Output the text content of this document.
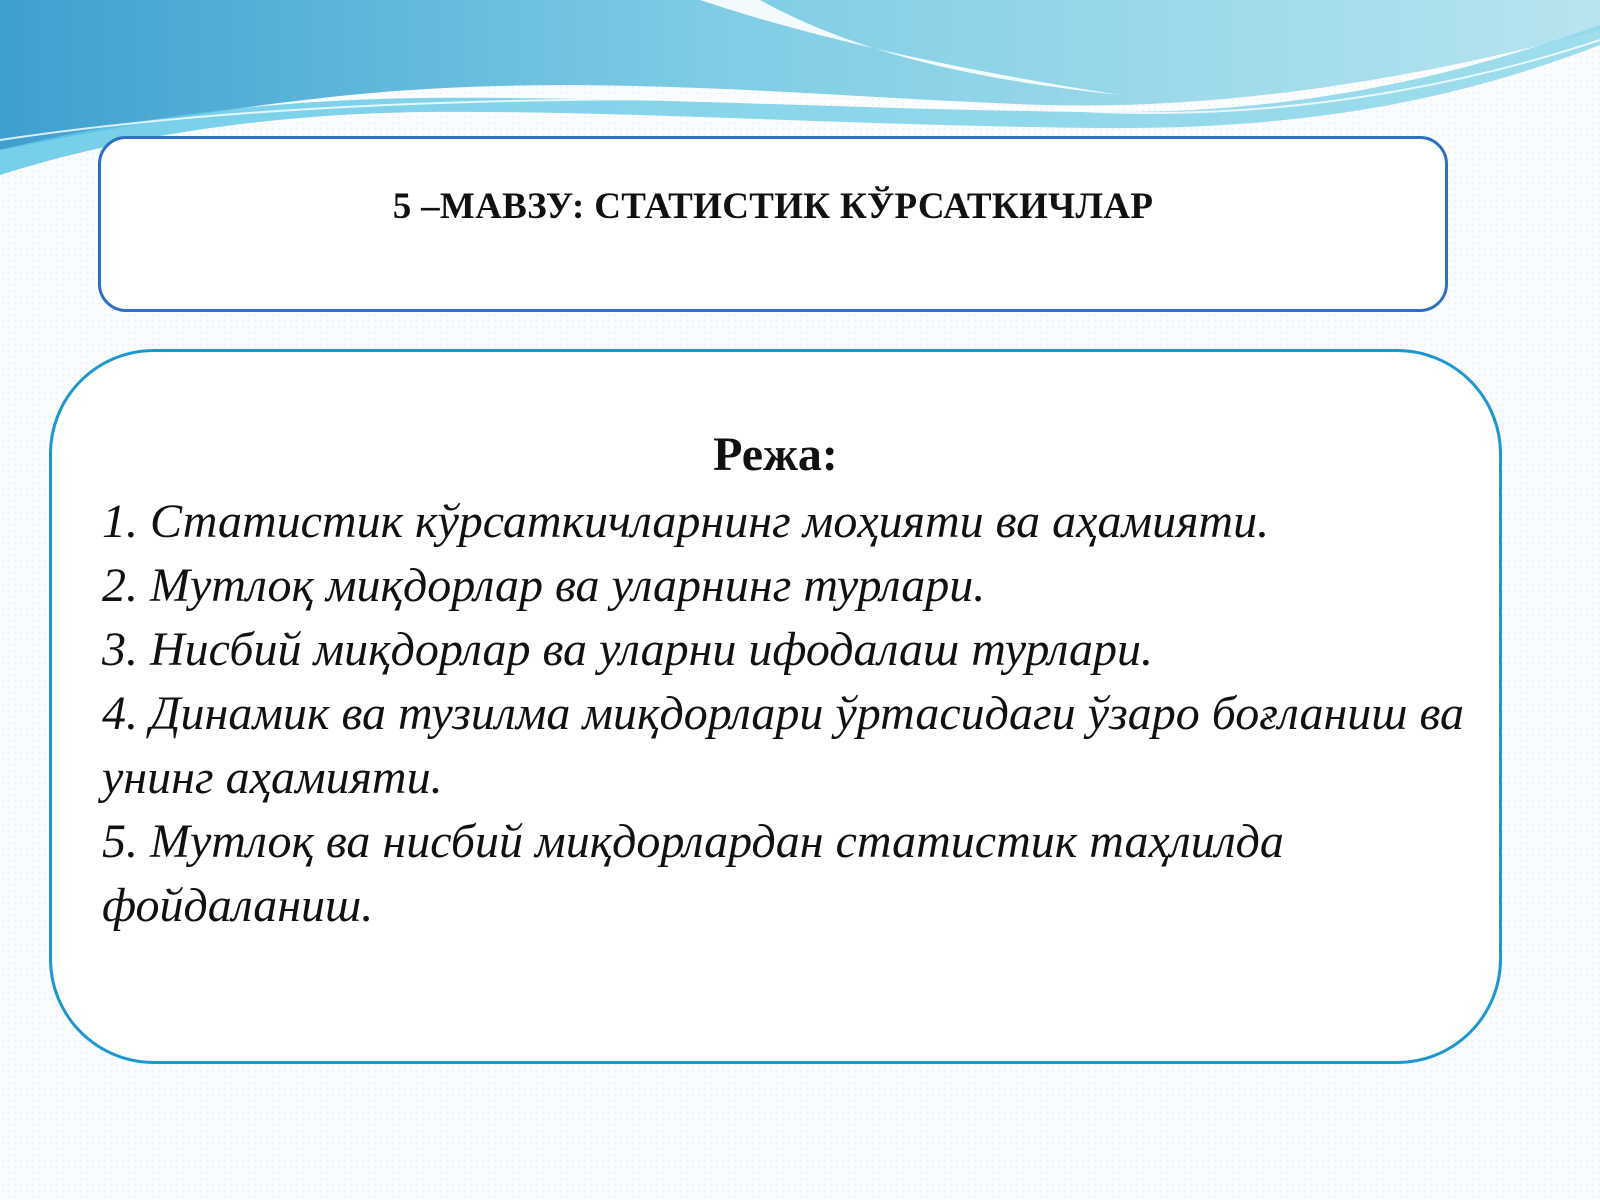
5 –МАВЗУ: СТАТИСТИК КЎРСАТКИЧЛАР
Режа:
1. Статистик кўрсаткичларнинг моҳияти ва аҳамияти.
2. Мутлоқ миқдорлар ва уларнинг турлари.
3. Нисбий миқдорлар ва уларни ифодалаш турлари.
4. Динамик ва тузилма миқдорлари ўртасидаги ўзаро боғланиш ва унинг аҳамияти.
5. Мутлоқ ва нисбий миқдорлардан статистик таҳлилда фойдаланиш.
